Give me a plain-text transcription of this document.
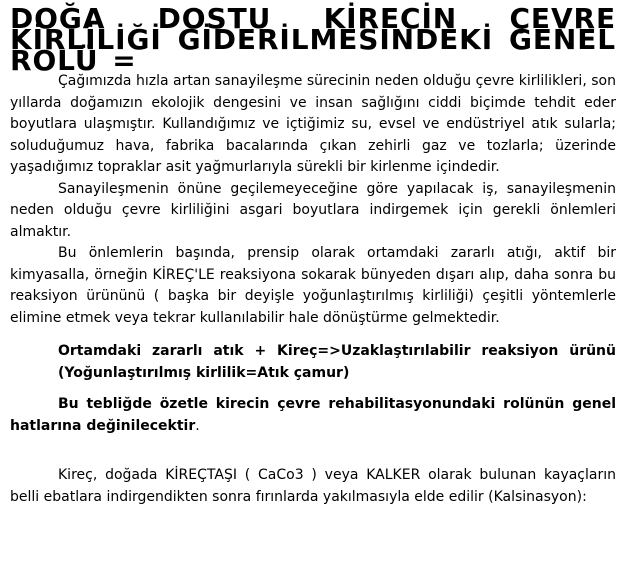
DOĞA DOSTU KİRECİN ÇEVRE KİRLİLİĞİ GİDERİLMESİNDEKİ GENEL ROLÜ =

Çağımızda hızla artan sanayileşme sürecinin neden olduğu çevre kirlilikleri, son yıllarda doğamızın ekolojik dengesini ve insan sağlığını ciddi biçimde tehdit eder boyutlara ulaşmıştır. Kullandığımız ve içtiğimiz su, evsel ve endüstriyel atık sularla; soluduğumuz hava, fabrika bacalarında çıkan zehirli gaz ve tozlarla; üzerinde yaşadığımız topraklar asit yağmurlarıyla sürekli bir kirlenme içindedir.

Sanayileşmenin önüne geçilemeyeceğine göre yapılacak iş, sanayileşmenin neden olduğu çevre kirliliğini asgari boyutlara indirgemek için gerekli önlemleri almaktır.

Bu önlemlerin başında, prensip olarak ortamdaki zararlı atığı, aktif bir kimyasalla, örneğin KİREÇ'LE reaksiyona sokarak bünyeden dışarı alıp, daha sonra bu reaksiyon ürününü ( başka bir deyişle yoğunlaştırılmış kirliliği) çeşitli yöntemlerle elimine etmek veya tekrar kullanılabilir hale dönüştürme gelmektedir.

Ortamdaki zararlı atık + Kireç=>Uzaklaştırılabilir reaksiyon ürünü

(Yoğunlaştırılmış kirlilik=Atık çamur)

Bu tebliğde özetle kirecin çevre rehabilitasyonundaki rolünün genel hatlarına değinilecektir.

Kireç, doğada KİREÇTAŞI ( CaCo3 ) veya KALKER olarak bulunan kayaçların belli ebatlara indirgendikten sonra fırınlarda yakılmasıyla elde edilir (Kalsinasyon):
